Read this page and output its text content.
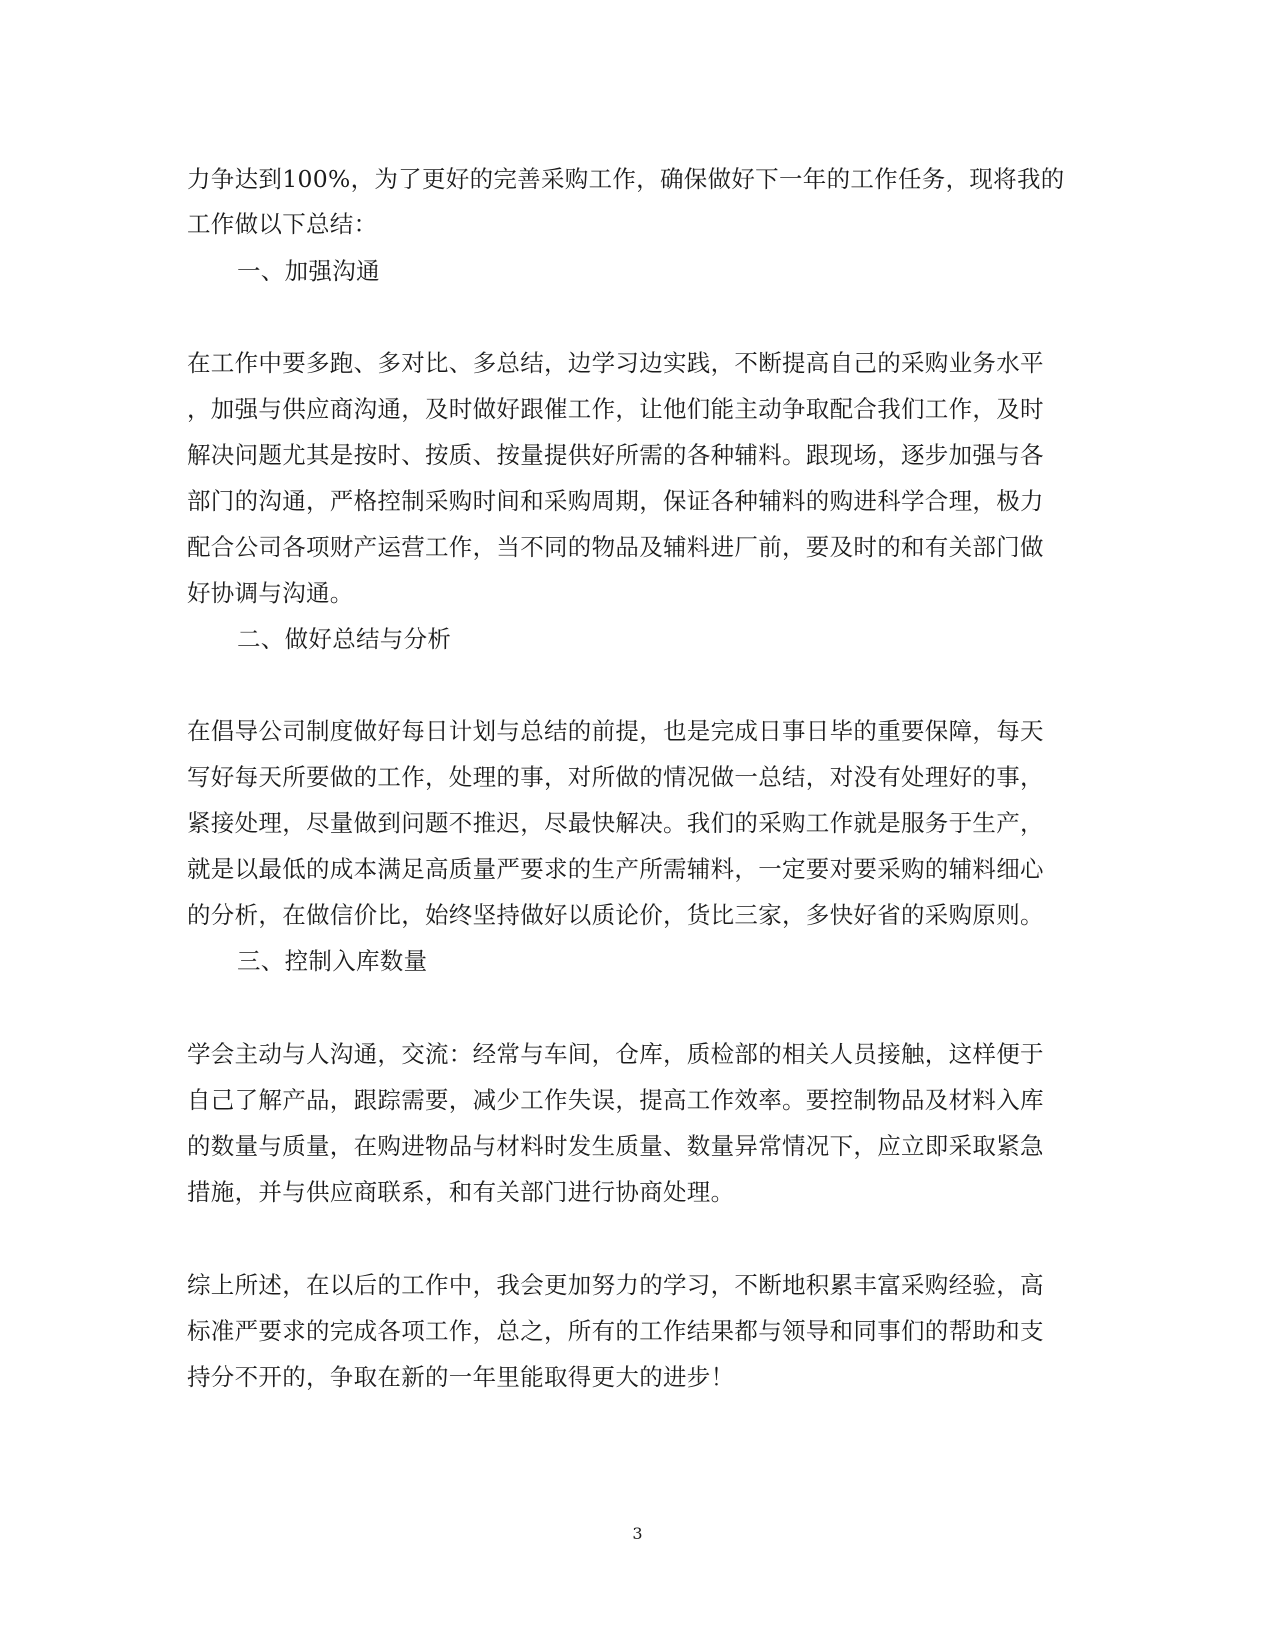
力争达到100%，为了更好的完善采购工作，确保做好下一年的工作任务，现将我的
工作做以下总结：
一、加强沟通
在工作中要多跑、多对比、多总结，边学习边实践，不断提高自己的采购业务水平
，加强与供应商沟通，及时做好跟催工作，让他们能主动争取配合我们工作，及时
解决问题尤其是按时、按质、按量提供好所需的各种辅料。跟现场，逐步加强与各
部门的沟通，严格控制采购时间和采购周期，保证各种辅料的购进科学合理，极力
配合公司各项财产运营工作，当不同的物品及辅料进厂前，要及时的和有关部门做
好协调与沟通。
二、做好总结与分析
在倡导公司制度做好每日计划与总结的前提，也是完成日事日毕的重要保障，每天
写好每天所要做的工作，处理的事，对所做的情况做一总结，对没有处理好的事，
紧接处理，尽量做到问题不推迟，尽最快解决。我们的采购工作就是服务于生产，
就是以最低的成本满足高质量严要求的生产所需辅料，一定要对要采购的辅料细心
的分析，在做信价比，始终坚持做好以质论价，货比三家，多快好省的采购原则。
三、控制入库数量
学会主动与人沟通，交流：经常与车间，仓库，质检部的相关人员接触，这样便于
自己了解产品，跟踪需要，减少工作失误，提高工作效率。要控制物品及材料入库
的数量与质量，在购进物品与材料时发生质量、数量异常情况下，应立即采取紧急
措施，并与供应商联系，和有关部门进行协商处理。
综上所述，在以后的工作中，我会更加努力的学习，不断地积累丰富采购经验，高
标准严要求的完成各项工作，总之，所有的工作结果都与领导和同事们的帮助和支
持分不开的，争取在新的一年里能取得更大的进步！
3
